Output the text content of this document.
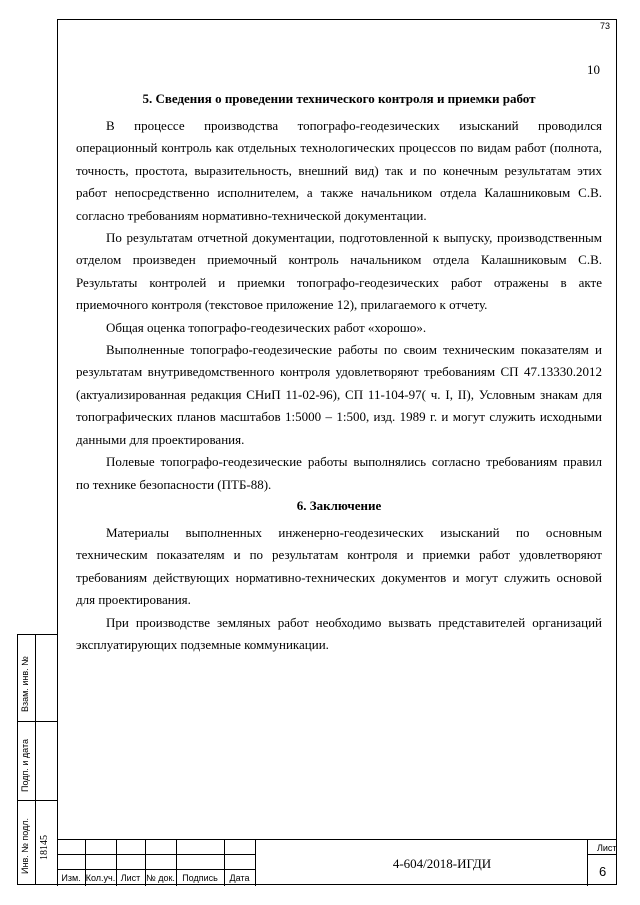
73
10
5. Сведения о проведении технического контроля и приемки работ

В процессе производства топографо-геодезических изысканий проводился операционный контроль как отдельных технологических процессов по видам работ (полнота, точность, простота, выразительность, внешний вид) так и по конечным результатам этих работ непосредственно исполнителем, а также начальником отдела Калашниковым С.В. согласно требованиям нормативно-технической документации.

По результатам отчетной документации, подготовленной к выпуску, производственным отделом произведен приемочный контроль начальником отдела Калашниковым С.В. Результаты контролей и приемки топографо-геодезических работ отражены в акте приемочного контроля (текстовое приложение 12), прилагаемого к отчету.

Общая оценка топографо-геодезических работ «хорошо».

Выполненные топографо-геодезические работы по своим техническим показателям и результатам внутриведомственного контроля удовлетворяют требованиям СП 47.13330.2012 (актуализированная редакция СНиП 11-02-96), СП 11-104-97( ч. I, II), Условным знакам для топографических планов масштабов 1:5000 – 1:500, изд. 1989 г. и могут служить исходными данными для проектирования.

Полевые топографо-геодезические работы выполнялись согласно требованиям правил по технике безопасности (ПТБ-88).

6. Заключение

Материалы выполненных инженерно-геодезических изысканий по основным техническим показателям и по результатам контроля и приемки работ удовлетворяют требованиям действующих нормативно-технических документов и могут служить основой для проектирования.

При производстве земляных работ необходимо вызвать представителей организаций эксплуатирующих подземные коммуникации.

Взам. инв. №
Подп. и дата
Инв. № подл. 18145
Изм. Кол.уч. Лист № док. Подпись	Дата
4-604/2018-ИГДИ
Лист
6
